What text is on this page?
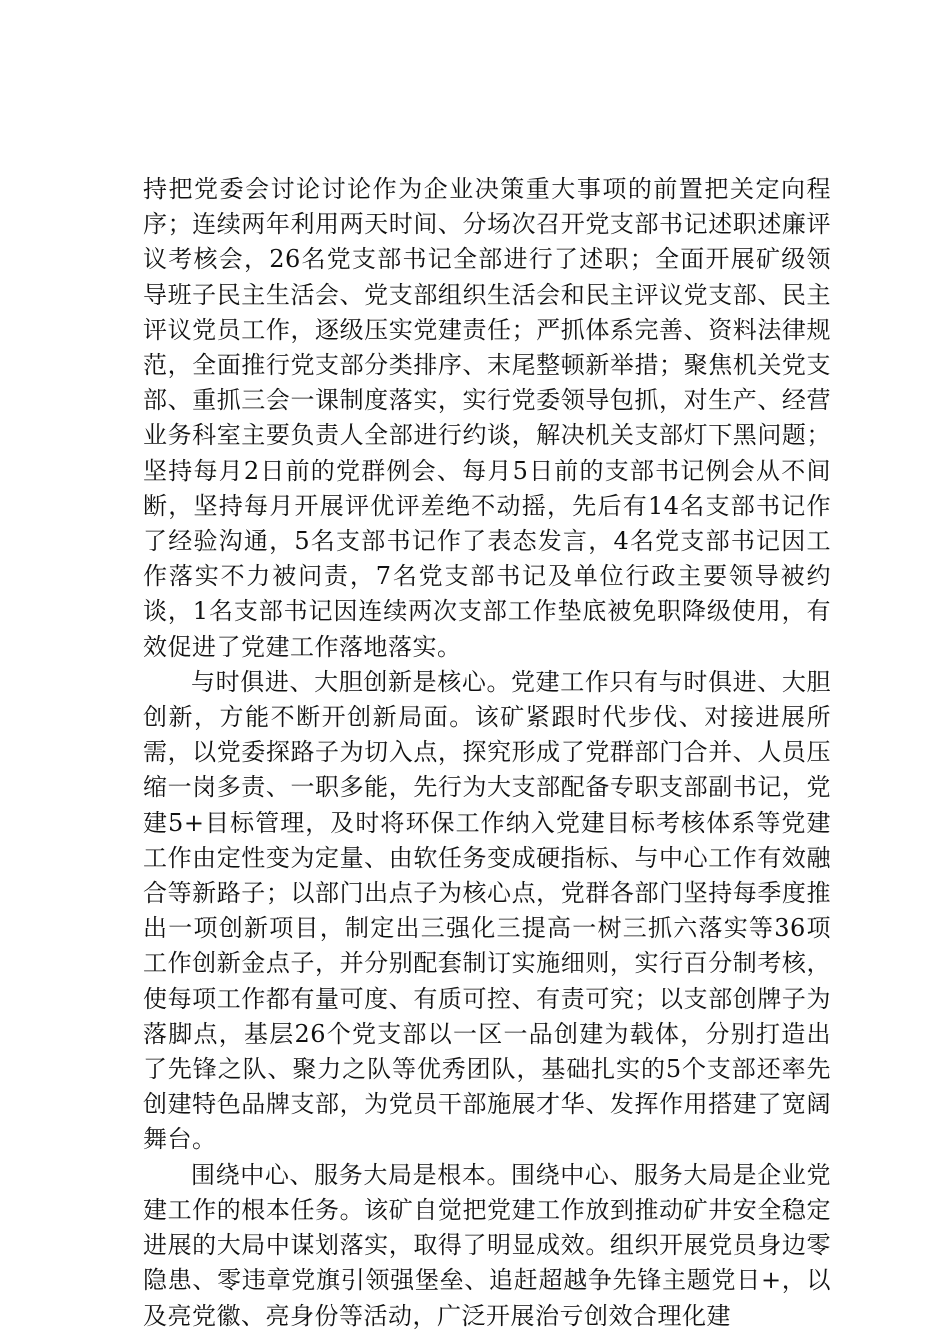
持把党委会讨论讨论作为企业决策重大事项的前置把关定向程序；连续两年利用两天时间、分场次召开党支部书记述职述廉评议考核会，26名党支部书记全部进行了述职；全面开展矿级领导班子民主生活会、党支部组织生活会和民主评议党支部、民主评议党员工作，逐级压实党建责任；严抓体系完善、资料法律规范，全面推行党支部分类排序、末尾整顿新举措；聚焦机关党支部、重抓三会一课制度落实，实行党委领导包抓，对生产、经营业务科室主要负责人全部进行约谈，解决机关支部灯下黑问题；坚持每月2日前的党群例会、每月5日前的支部书记例会从不间断，坚持每月开展评优评差绝不动摇，先后有14名支部书记作了经验沟通，5名支部书记作了表态发言，4名党支部书记因工作落实不力被问责，7名党支部书记及单位行政主要领导被约谈，1名支部书记因连续两次支部工作垫底被免职降级使用，有效促进了党建工作落地落实。

与时俱进、大胆创新是核心。党建工作只有与时俱进、大胆创新，方能不断开创新局面。该矿紧跟时代步伐、对接进展所需，以党委探路子为切入点，探究形成了党群部门合并、人员压缩一岗多责、一职多能，先行为大支部配备专职支部副书记，党建5+目标管理，及时将环保工作纳入党建目标考核体系等党建工作由定性变为定量、由软任务变成硬指标、与中心工作有效融合等新路子；以部门出点子为核心点，党群各部门坚持每季度推出一项创新项目，制定出三强化三提高一树三抓六落实等36项工作创新金点子，并分别配套制订实施细则，实行百分制考核，使每项工作都有量可度、有质可控、有责可究；以支部创牌子为落脚点，基层26个党支部以一区一品创建为载体，分别打造出了先锋之队、聚力之队等优秀团队，基础扎实的5个支部还率先创建特色品牌支部，为党员干部施展才华、发挥作用搭建了宽阔舞台。

围绕中心、服务大局是根本。围绕中心、服务大局是企业党建工作的根本任务。该矿自觉把党建工作放到推动矿井安全稳定进展的大局中谋划落实，取得了明显成效。组织开展党员身边零隐患、零违章党旗引领强堡垒、追赶超越争先锋主题党日+，以及亮党徽、亮身份等活动，广泛开展治亏创效合理化建
